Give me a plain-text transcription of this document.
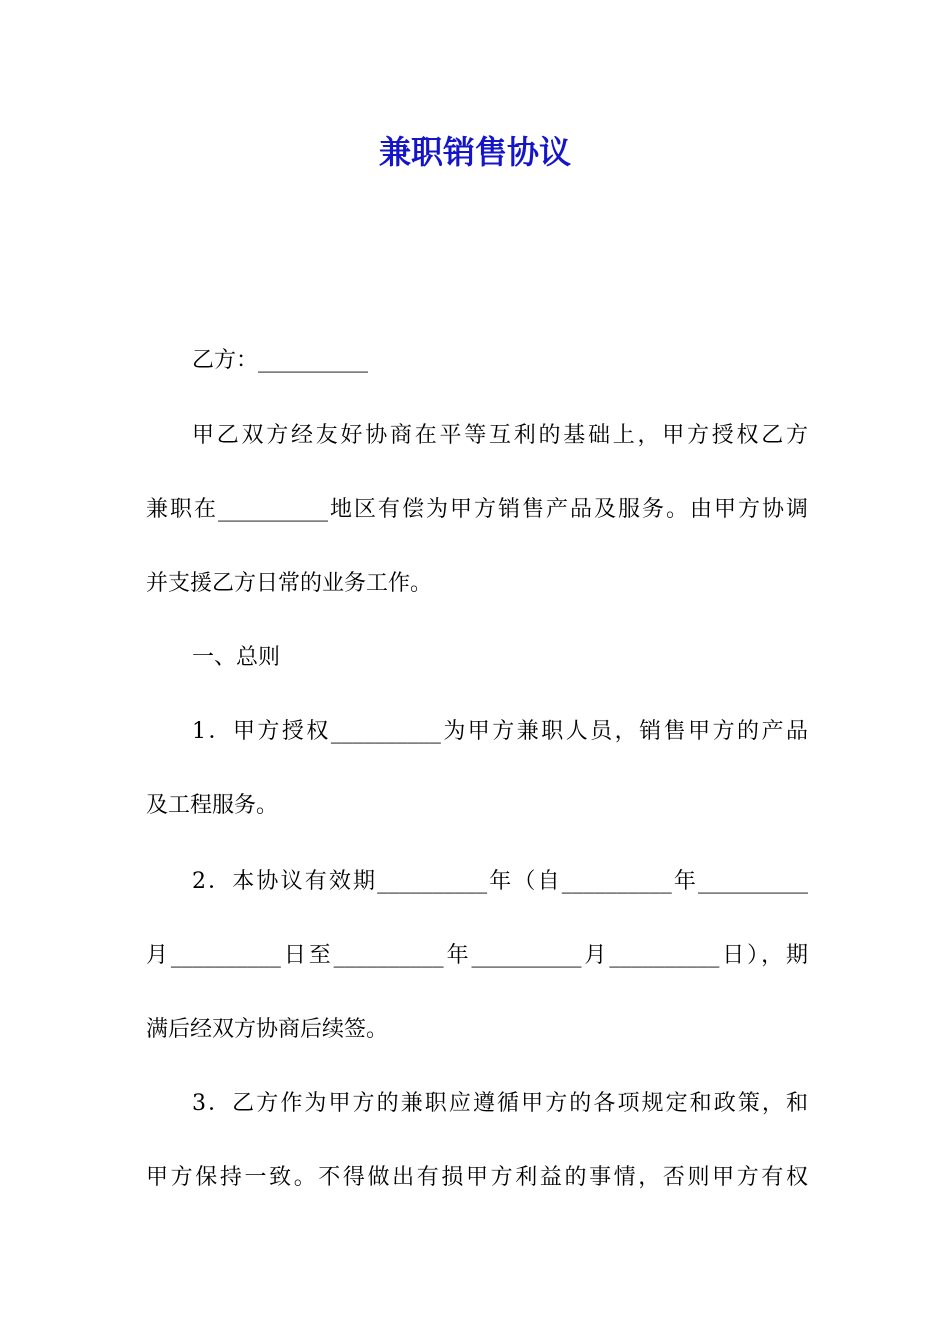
兼职销售协议

乙方：__________

甲乙双方经友好协商在平等互利的基础上，甲方授权乙方

兼职在__________地区有偿为甲方销售产品及服务。由甲方协调

并支援乙方日常的业务工作。

一、总则

1．甲方授权__________为甲方兼职人员，销售甲方的产品

及工程服务。

2．本协议有效期__________年（自__________年__________

月__________日至__________年__________月__________日），期

满后经双方协商后续签。

3．乙方作为甲方的兼职应遵循甲方的各项规定和政策，和

甲方保持一致。不得做出有损甲方利益的事情，否则甲方有权
